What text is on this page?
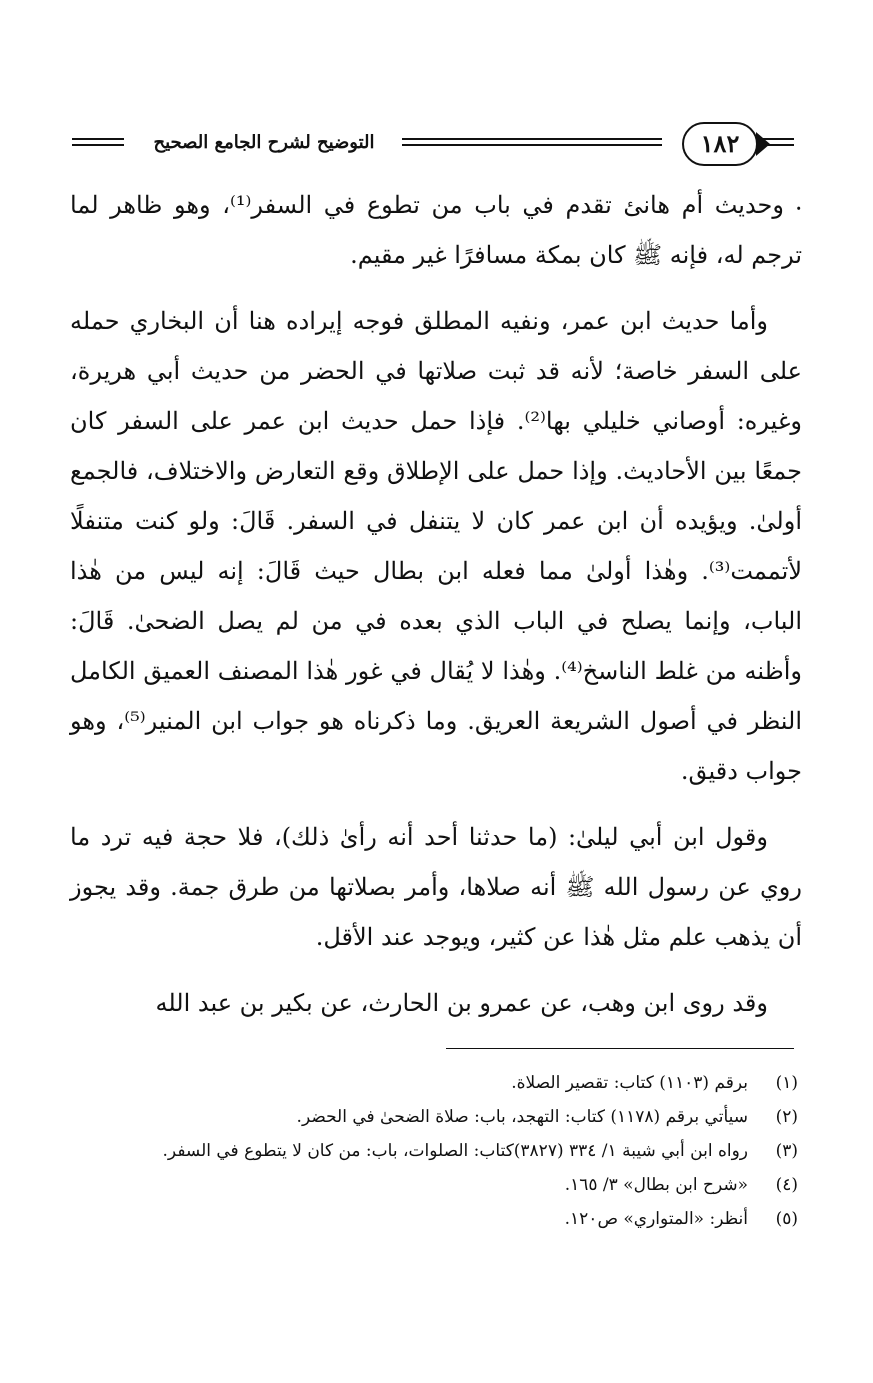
التوضيح لشرح الجامع الصحيح	١٨٢

⸳ وحديث أم هانئ تقدم في باب من تطوع في السفر⁽¹⁾، وهو ظاهر لما ترجم له، فإنه ﷺ كان بمكة مسافرًا غير مقيم.

وأما حديث ابن عمر، ونفيه المطلق فوجه إيراده هنا أن البخاري حمله على السفر خاصة؛ لأنه قد ثبت صلاتها في الحضر من حديث أبي هريرة، وغيره: أوصاني خليلي بها⁽²⁾. فإذا حمل حديث ابن عمر على السفر كان جمعًا بين الأحاديث. وإذا حمل على الإطلاق وقع التعارض والاختلاف، فالجمع أولىٰ. ويؤيده أن ابن عمر كان لا يتنفل في السفر. قَالَ: ولو كنت متنفلًا لأتممت⁽³⁾. وهٰذا أولىٰ مما فعله ابن بطال حيث قَالَ: إنه ليس من هٰذا الباب، وإنما يصلح في الباب الذي بعده في من لم يصل الضحىٰ. قَالَ: وأظنه من غلط الناسخ⁽⁴⁾. وهٰذا لا يُقال في غور هٰذا المصنف العميق الكامل النظر في أصول الشريعة العريق. وما ذكرناه هو جواب ابن المنير⁽⁵⁾، وهو جواب دقيق.

وقول ابن أبي ليلىٰ: (ما حدثنا أحد أنه رأىٰ ذلك)، فلا حجة فيه ترد ما روي عن رسول الله ﷺ أنه صلاها، وأمر بصلاتها من طرق جمة. وقد يجوز أن يذهب علم مثل هٰذا عن كثير، ويوجد عند الأقل.

وقد روى ابن وهب، عن عمرو بن الحارث، عن بكير بن عبد الله

(١)
برقم (١١٠٣) كتاب: تقصير الصلاة.
(٢)
سيأتي برقم (١١٧٨) كتاب: التهجد، باب: صلاة الضحىٰ في الحضر.
(٣)
رواه ابن أبي شيبة ١/ ٣٣٤ (٣٨٢٧)كتاب: الصلوات، باب: من كان لا يتطوع في السفر.
(٤)
«شرح ابن بطال» ٣/ ١٦٥.
(٥)
أنظر: «المتواري» ص١٢٠.
